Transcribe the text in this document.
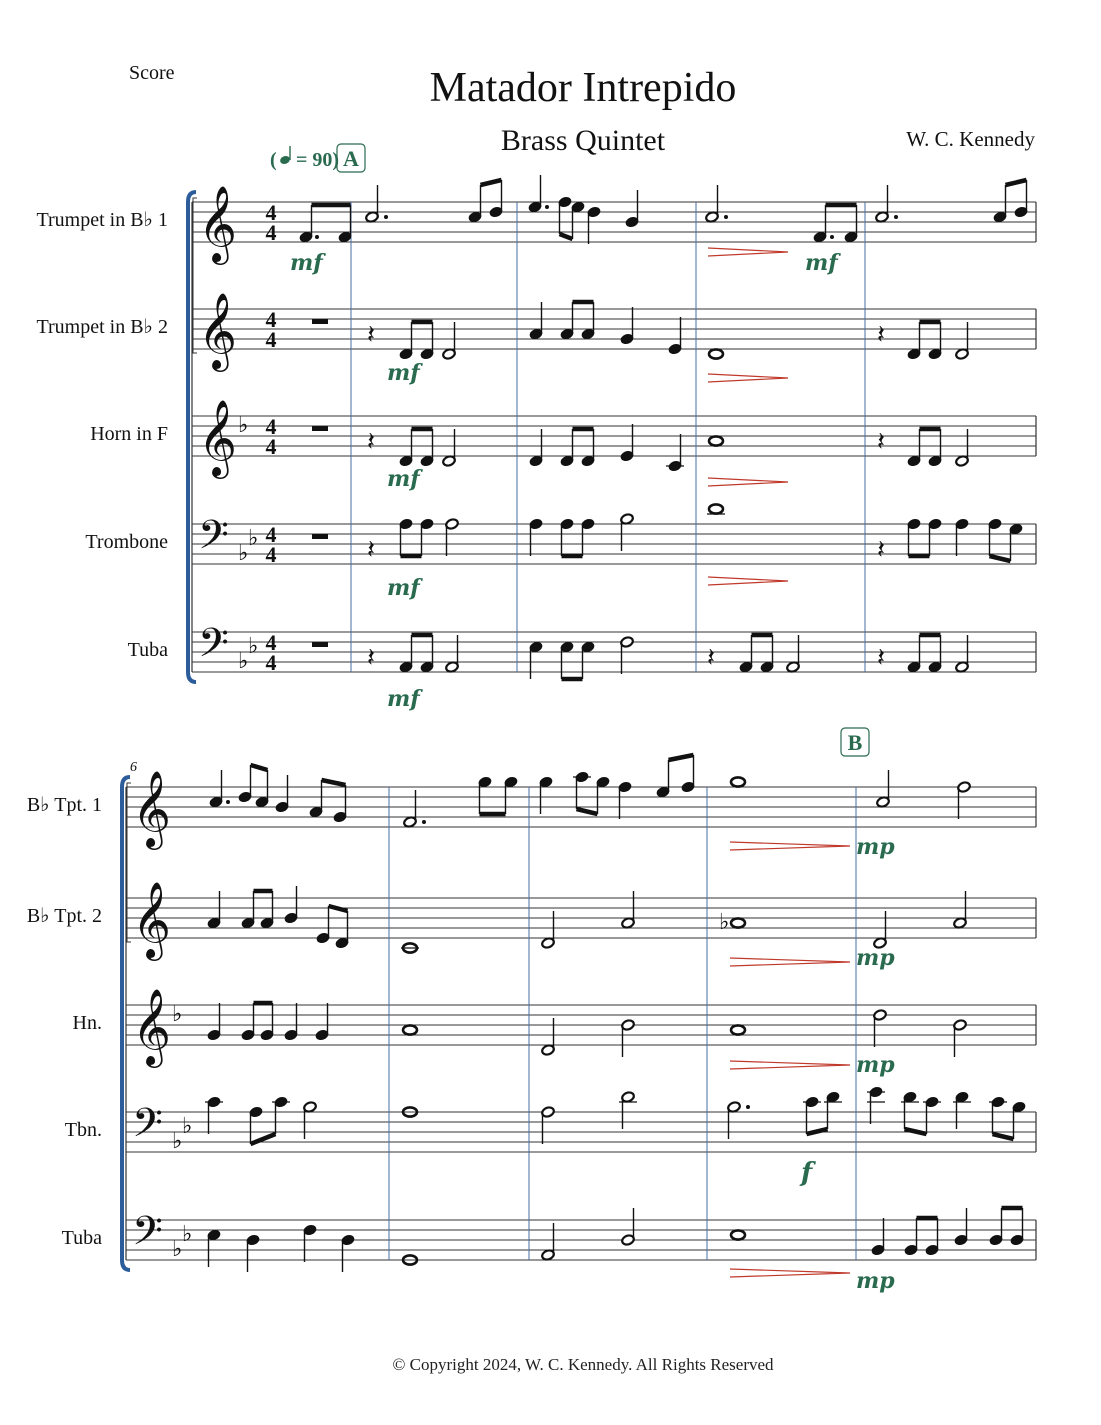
Score	Matador Intrepido
Brass Quintet	W. C. Kennedy
Trumpet in B♭ 1 𝄞 4
4
Trumpet in B♭ 2 𝄞 4
4
Horn in F 𝄞 ♭ 4
4
Trombone 𝄢 ♭
♭ 4
4
Tuba 𝄢 ♭
♭ 4
4
B♭ Tpt. 1 𝄞
B♭ Tpt. 2 𝄞
Hn. 𝄞 ♭
Tbn. 𝄢 ♭
♭
Tuba 𝄢 ♭
♭
6
( = 90) A
B
mf	mf
𝄽	𝄽
mf
𝄽	𝄽
mf
𝄽	𝄽
mf
𝄽	𝄽	𝄽
mf
mp
♭
mp
mp
f
mp
© Copyright 2024, W. C. Kennedy. All Rights Reserved
